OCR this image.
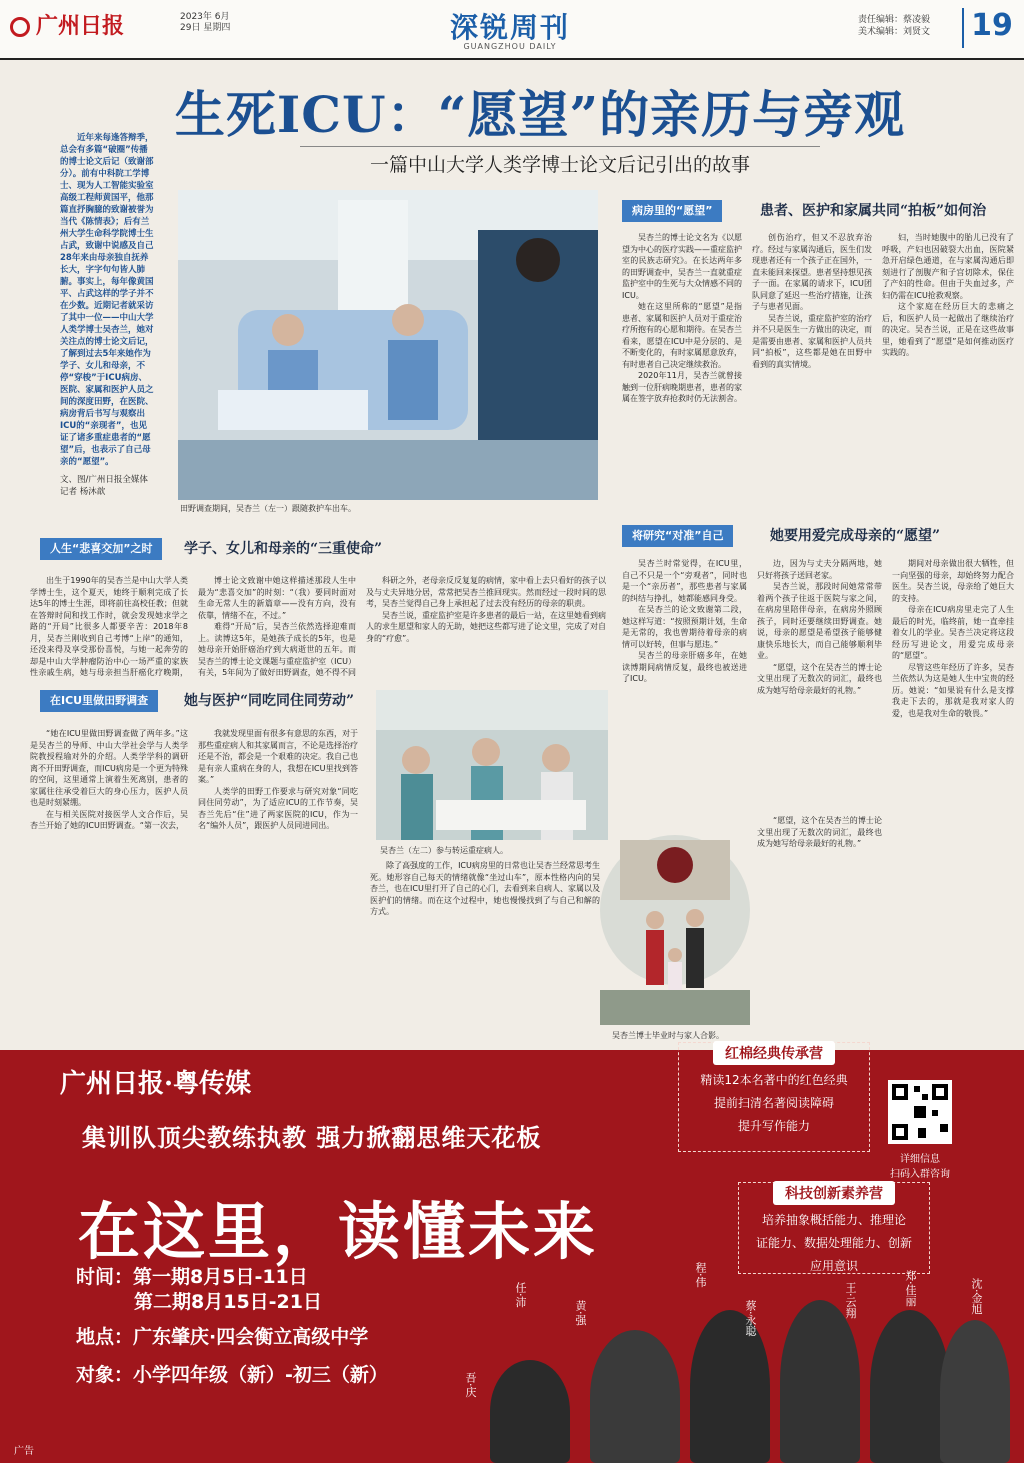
广州日报	2023年 6月29日 星期四	深锐周刊
GUANGZHOU DAILY
责任编辑：蔡凌毅
美术编辑：刘贤文	19
生死ICU：“愿望”的亲历与旁观
一篇中山大学人类学博士论文后记引出的故事

近年来每逢答辩季，总会有多篇“破圈”传播的博士论文后记（致谢部分）。前有中科院工学博士、现为人工智能实验室高级工程师黄国平，他那篇直抒胸臆的致谢被誉为当代《陈情表》；后有兰州大学生命科学院博士生占武，致谢中说感及自己28年来由母亲独自抚养长大，字字句句皆人肺腑。事实上，每年像黄国平、占武这样的学子并不在少数。近期记者就采访了其中一位——中山大学人类学博士吴杏兰，她对关注点的博士论文后记，了解到过去5年来她作为学子、女儿和母亲，不停“穿梭”于ICU病房、医院、家属和医护人员之间的深度田野，在医院、病房背后书写与观察出ICU的“亲现者”，也见证了诸多重症患者的“愿望”后，也表示了自己母亲的“愿望”。

文、图/广州日报全媒体记者 杨沐歆

田野调查期间，吴杏兰（左一）跟随救护车出车。
病房里的“愿望”	患者、医护和家属共同“拍板”如何治

吴杏兰的博士论文名为《以愿望为中心的医疗实践——重症监护室的民族志研究》。在长达两年多的田野调查中，吴杏兰一直就重症监护室中的生死与大众情感不同的ICU。

她在这里所称的“愿望”是指患者、家属和医护人员对于重症治疗所抱有的心愿和期待。在吴杏兰看来，愿望在ICU中是分层的、是不断变化的，有时家属愿意放弃，有时患者自己决定继续救治。

2020年11月，吴杏兰就曾接触到一位肝病晚期患者，患者的家属在签字放弃抢救时仍无法割舍。

创伤治疗，但又不忍放弃治疗。经过与家属沟通后，医生们发现患者还有一个孩子正在国外，一直未能回来探望。患者坚持想见孩子一面。在家属的请求下，ICU团队同意了延迟一些治疗措施，让孩子与患者见面。

吴杏兰说，重症监护室的治疗并不只是医生一方做出的决定，而是需要由患者、家属和医护人员共同“拍板”，这些都是她在田野中看到的真实情境。

妇，当时她腹中的胎儿已没有了呼吸，产妇也因破裂大出血，医院紧急开启绿色通道，在与家属沟通后即刻进行了剖腹产和子宫切除术，保住了产妇的性命。但由于失血过多，产妇仍需在ICU抢救观察。

这个家庭在经历巨大的悲痛之后，和医护人员一起做出了继续治疗的决定。吴杏兰说，正是在这些故事里，她看到了“愿望”是如何推动医疗实践的。

将研究“对准”自己	她要用爱完成母亲的“愿望”

吴杏兰时常觉得，在ICU里，自己不只是一个“旁观者”，同时也是一个“亲历者”，那些患者与家属的纠结与挣扎，她都能感同身受。

在吴杏兰的论文致谢第二段，她这样写道：“按照预期计划，生命是无常的，我也曾期待着母亲的病情可以好转，但事与愿违。”

吴杏兰的母亲肝癌多年，在她读博期间病情反复，最终也被送进了ICU。

边，因为与丈夫分隔两地，她只好将孩子送回老家。

吴杏兰说，那段时间她常常带着两个孩子往返于医院与家之间，在病房里陪伴母亲，在病房外照顾孩子，同时还要继续田野调查。她说，母亲的愿望是希望孩子能够健康快乐地长大，而自己能够顺利毕业。

“愿望，这个在吴杏兰的博士论文里出现了无数次的词汇，最终也成为她写给母亲最好的礼物。”

期间对母亲做出很大牺牲，但一向坚强的母亲，却始终努力配合医生。吴杏兰说，母亲给了她巨大的支持。

母亲在ICU病房里走完了人生最后的时光，临终前，她一直牵挂着女儿的学业。吴杏兰决定将这段经历写进论文，用爱完成母亲的“愿望”。

尽管这些年经历了许多，吴杏兰依然认为这是她人生中宝贵的经历。她说：“如果说有什么是支撑我走下去的，那就是我对家人的爱，也是我对生命的敬畏。”

“愿望，这个在吴杏兰的博士论文里出现了无数次的词汇，最终也成为她写给母亲最好的礼物。”

吴杏兰博士毕业时与家人合影。
人生“悲喜交加”之时	学子、女儿和母亲的“三重使命”

出生于1990年的吴杏兰是中山大学人类学博士生，这个夏天，她终于顺利完成了长达5年的博士生涯，即将前往高校任教；但就在答辩时间和找工作时，就会发现她求学之路的“开局”比很多人都要辛苦：2018年8月，吴杏兰刚收到自己考博“上岸”的通知，还没来得及享受那份喜悦，与她一起奔劳的却是中山大学肿瘤防治中心一场严重的家族性亲戚生病，她与母亲担当肝癌化疗晚期，

博士论文致谢中她这样描述那段人生中最为“悲喜交加”的时刻：“（我）要同时面对生命无常人生的新篇章——没有方向，没有依靠，情绪不在，不过。”

难得“开局”后，吴杏兰依然选择迎难而上。读博这5年，是她孩子成长的5年，也是她母亲开始肝癌治疗到大病逝世的五年。而吴杏兰的博士论文课题与重症监护室（ICU）有关，5年间为了做好田野调查，她不得不同

科研之外，老母亲反反复复的病情，家中看上去只看好的孩子以及与丈夫异地分居，常常把吴杏兰推回现实。然而经过一段时间的思考，吴杏兰觉得自己身上承担起了过去没有经历的母亲的职责。

吴杏兰说，重症监护室是许多患者的最后一站，在这里她看到病人的求生愿望和家人的无助，她把这些都写进了论文里，完成了对自身的“疗愈”。

在ICU里做田野调查	她与医护“同吃同住同劳动”

“她在ICU里做田野调查做了两年多。”这是吴杏兰的导师、中山大学社会学与人类学院教授程瑜对外的介绍。人类学学科的调研离不开田野调查，而ICU病房是一个更为特殊的空间，这里通常上演着生死离别，患者的家属往往承受着巨大的身心压力，医护人员也是时刻紧绷。

在与相关医院对接医学人文合作后，吴杏兰开始了她的ICU田野调查。“第一次去，

我就发现里面有很多有意思的东西，对于那些重症病人和其家属而言，不论是选择治疗还是不治，都会是一个艰难的决定。我自己也是有亲人重病在身的人，我想在ICU里找到答案。”

人类学的田野工作要求与研究对象“同吃同住同劳动”，为了适应ICU的工作节奏，吴杏兰先后“住”进了两家医院的ICU，作为一名“编外人员”，跟医护人员同进同出。

吴杏兰（左二）参与转运重症病人。

除了高强度的工作，ICU病房里的日常也让吴杏兰经常思考生死。她形容自己每天的情绪就像“坐过山车”，原本性格内向的吴杏兰，也在ICU里打开了自己的心门，去看到来自病人、家属以及医护们的情绪。而在这个过程中，她也慢慢找到了与自己和解的方式。

广州日报·粤传媒
集训队顶尖教练执教 强力掀翻思维天花板
在这里，读懂未来
时间：第一期8月5日-11日
第二期8月15日-21日
地点：广东肇庆·四会衡立高级中学
对象：小学四年级（新）-初三（新）
红棉经典传承营

精读12本名著中的红色经典

提前扫清名著阅读障碍

提升写作能力

科技创新素养营

培养抽象概括能力、推理论

证能力、数据处理能力、创新

应用意识

详细信息
扫码入群咨询
吾·庆
任·沛
黄·强
程·伟
蔡·永聪	王·云翔	郑·佳丽	沈·金旭
广告
